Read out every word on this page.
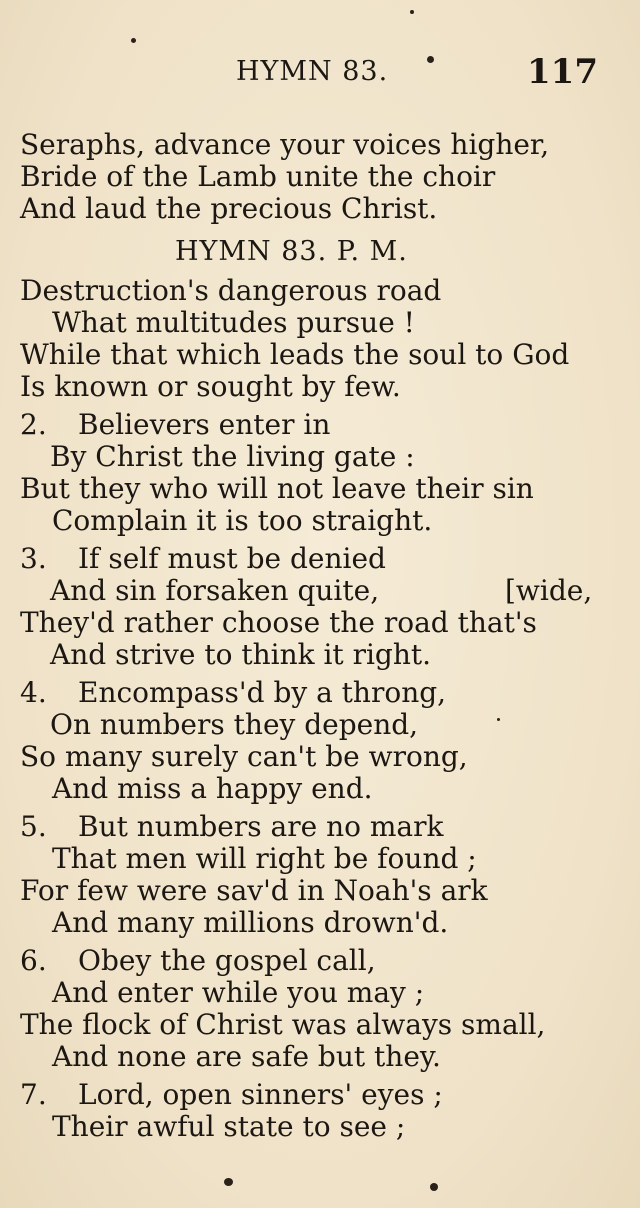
HYMN 83.	117
Seraphs, advance your voices higher,
Bride of the Lamb unite the choir
And laud the precious Christ.
HYMN 83. P. M.
Destruction's dangerous road
What multitudes pursue !
While that which leads the soul to God
Is known or sought by few.
2. Believers enter in
By Christ the living gate :
But they who will not leave their sin
Complain it is too straight.
3. If self must be denied
And sin forsaken quite,	[wide,
They'd rather choose the road that's
And strive to think it right.
4. Encompass'd by a throng,
On numbers they depend,
So many surely can't be wrong,
And miss a happy end.
5. But numbers are no mark
That men will right be found ;
For few were sav'd in Noah's ark
And many millions drown'd.
6. Obey the gospel call,
And enter while you may ;
The flock of Christ was always small,
And none are safe but they.
7. Lord, open sinners' eyes ;
Their awful state to see ;
